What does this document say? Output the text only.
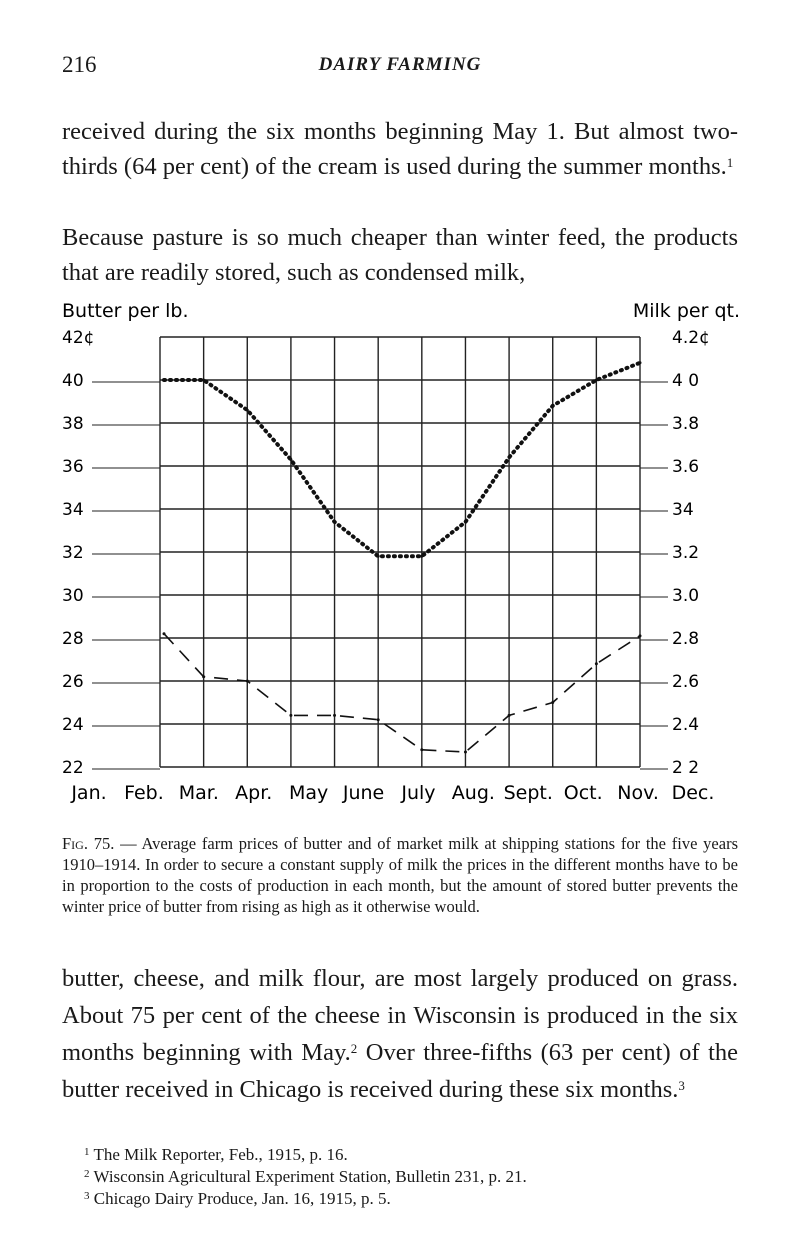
216	DAIRY FARMING

received during the six months beginning May 1. But almost two-thirds (64 per cent) of the cream is used during the summer months.$^1$

Because pasture is so much cheaper than winter feed, the products that are readily stored, such as condensed milk,

Butter per lb.	Milk per qt.
42¢
40
38
36
34
32
30
28
26
24
22
4.2¢
4 0
3.8
3.6
34
3.2
3.0
2.8
2.6
2.4
2 2
Jan. Feb. Mar. Apr. May June July Aug. Sept. Oct. Nov. Dec.

Fig. 75. — Average farm prices of butter and of market milk at shipping stations for the five years 1910–1914. In order to secure a constant supply of milk the prices in the different months have to be in proportion to the costs of production in each month, but the amount of stored butter prevents the winter price of butter from rising as high as it otherwise would.

butter, cheese, and milk flour, are most largely produced on grass. About 75 per cent of the cheese in Wisconsin is produced in the six months beginning with May.$^2$ Over three-fifths (63 per cent) of the butter received in Chicago is received during these six months.$^3$

$^1$ The Milk Reporter, Feb., 1915, p. 16.
$^2$ Wisconsin Agricultural Experiment Station, Bulletin 231, p. 21.
$^3$ Chicago Dairy Produce, Jan. 16, 1915, p. 5.
